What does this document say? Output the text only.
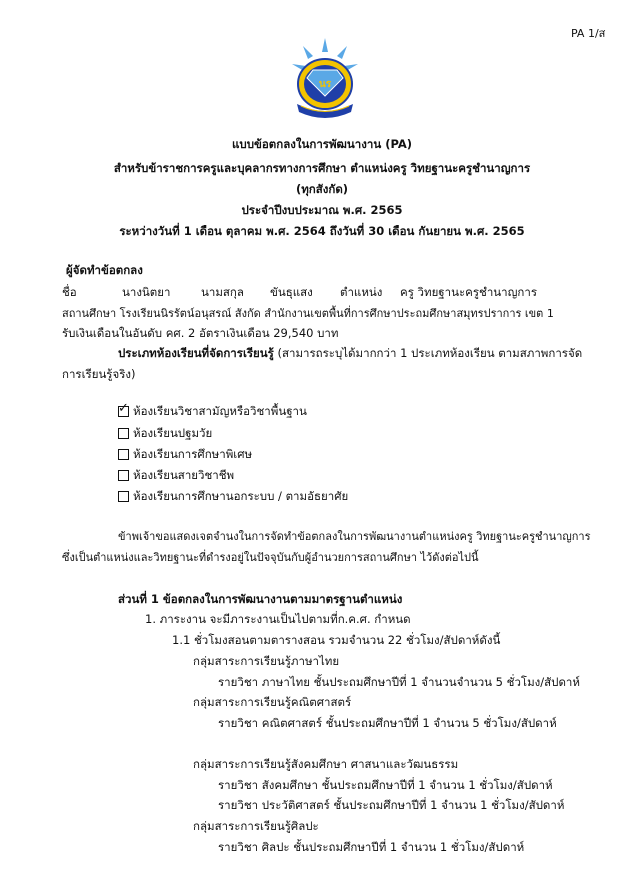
PA 1/ส
นร
แบบข้อตกลงในการพัฒนางาน (PA)
สำหรับข้าราชการครูและบุคลากรทางการศึกษา ตำแหน่งครู วิทยฐานะครูชำนาญการ
(ทุกสังกัด)
ประจำปีงบประมาณ พ.ศ. 2565
ระหว่างวันที่ 1 เดือน ตุลาคม พ.ศ. 2564 ถึงวันที่ 30 เดือน กันยายน พ.ศ. 2565
ผู้จัดทำข้อตกลง
ชื่อ	นางนิตยา	นามสกุล ขันธุแสง ตำแหน่ง ครู วิทยฐานะครูชำนาญการ
สถานศึกษา โรงเรียนนิรรัตน์อนุสรณ์ สังกัด สำนักงานเขตพื้นที่การศึกษาประถมศึกษาสมุทรปราการ เขต 1
รับเงินเดือนในอันดับ คศ. 2 อัตราเงินเดือน 29,540 บาท
ประเภทห้องเรียนที่จัดการเรียนรู้ (สามารถระบุได้มากกว่า 1 ประเภทห้องเรียน ตามสภาพการจัด
การเรียนรู้จริง)
✓ ห้องเรียนวิชาสามัญหรือวิชาพื้นฐาน
ห้องเรียนปฐมวัย
ห้องเรียนการศึกษาพิเศษ
ห้องเรียนสายวิชาชีพ
ห้องเรียนการศึกษานอกระบบ / ตามอัธยาศัย
ข้าพเจ้าขอแสดงเจตจำนงในการจัดทำข้อตกลงในการพัฒนางานตำแหน่งครู วิทยฐานะครูชำนาญการ
ซึ่งเป็นตำแหน่งและวิทยฐานะที่ดำรงอยู่ในปัจจุบันกับผู้อำนวยการสถานศึกษา ไว้ดังต่อไปนี้
ส่วนที่ 1 ข้อตกลงในการพัฒนางานตามมาตรฐานตำแหน่ง
1. ภาระงาน จะมีภาระงานเป็นไปตามที่ก.ค.ศ. กำหนด
1.1 ชั่วโมงสอนตามตารางสอน รวมจำนวน 22 ชั่วโมง/สัปดาห์ดังนี้
กลุ่มสาระการเรียนรู้ภาษาไทย
รายวิชา ภาษาไทย ชั้นประถมศึกษาปีที่ 1 จำนวนจำนวน 5 ชั่วโมง/สัปดาห์
กลุ่มสาระการเรียนรู้คณิตศาสตร์
รายวิชา คณิตศาสตร์ ชั้นประถมศึกษาปีที่ 1 จำนวน 5 ชั่วโมง/สัปดาห์
กลุ่มสาระการเรียนรู้สังคมศึกษา ศาสนาและวัฒนธรรม
รายวิชา สังคมศึกษา ชั้นประถมศึกษาปีที่ 1 จำนวน 1 ชั่วโมง/สัปดาห์
รายวิชา ประวัติศาสตร์ ชั้นประถมศึกษาปีที่ 1 จำนวน 1 ชั่วโมง/สัปดาห์
กลุ่มสาระการเรียนรู้ศิลปะ
รายวิชา ศิลปะ ชั้นประถมศึกษาปีที่ 1 จำนวน 1 ชั่วโมง/สัปดาห์
